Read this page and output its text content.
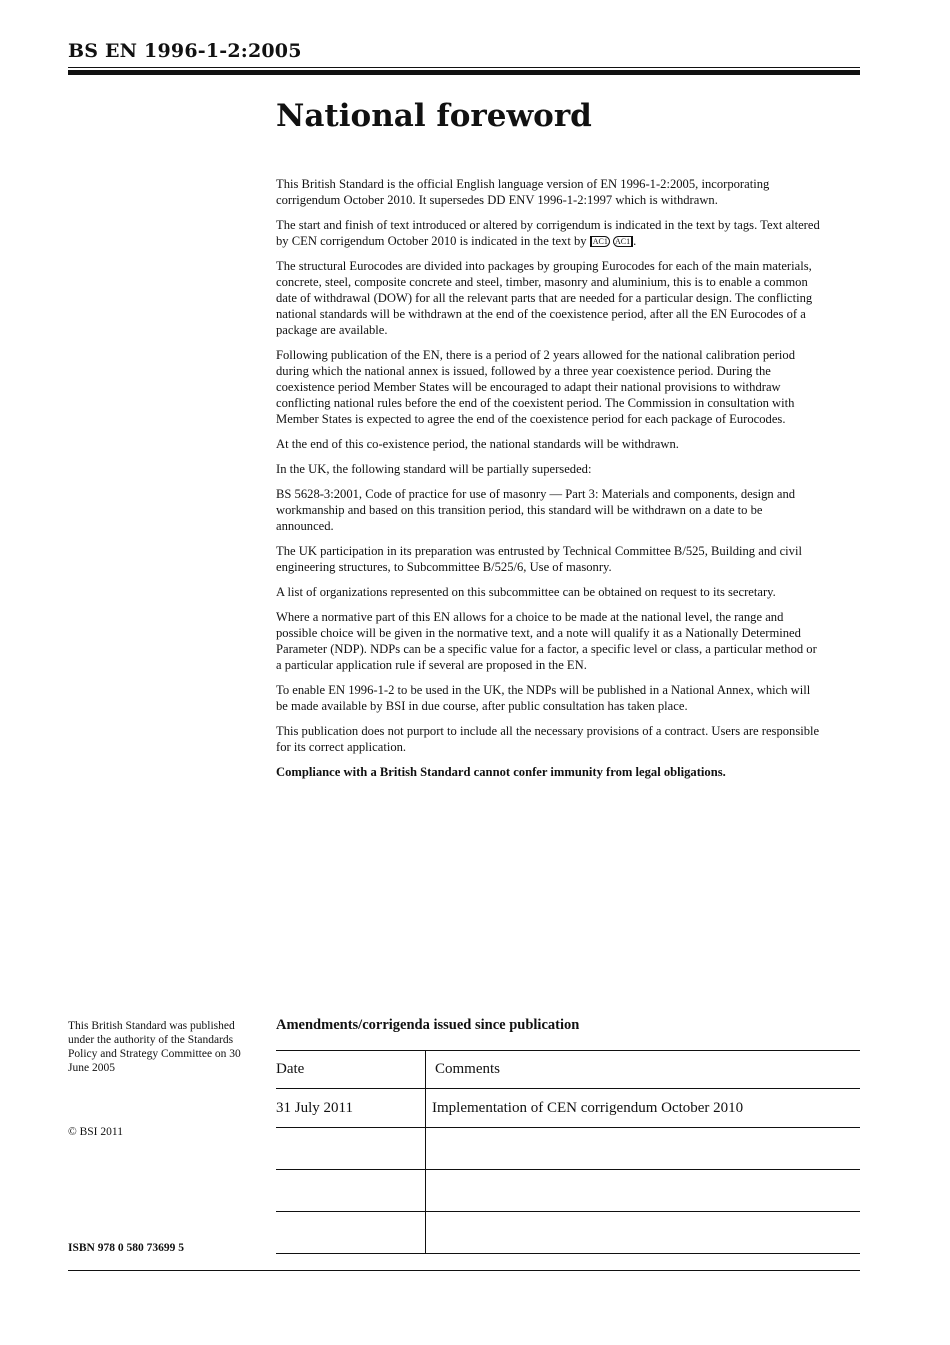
BS EN 1996-1-2:2005
National foreword

This British Standard is the official English language version of EN 1996-1-2:2005, incorporating corrigendum October 2010. It supersedes DD ENV 1996-1-2:1997 which is withdrawn.

The start and finish of text introduced or altered by corrigendum is indicated in the text by tags. Text altered by CEN corrigendum October 2010 is indicated in the text by AC1 AC1 .

The structural Eurocodes are divided into packages by grouping Eurocodes for each of the main materials, concrete, steel, composite concrete and steel, timber, masonry and aluminium, this is to enable a common date of withdrawal (DOW) for all the relevant parts that are needed for a particular design. The conflicting national standards will be withdrawn at the end of the coexistence period, after all the EN Eurocodes of a package are available.

Following publication of the EN, there is a period of 2 years allowed for the national calibration period during which the national annex is issued, followed by a three year coexistence period. During the coexistence period Member States will be encouraged to adapt their national provisions to withdraw conflicting national rules before the end of the coexistent period. The Commission in consultation with Member States is expected to agree the end of the coexistence period for each package of Eurocodes.

At the end of this co-existence period, the national standards will be withdrawn.

In the UK, the following standard will be partially superseded:

BS 5628-3:2001, Code of practice for use of masonry — Part 3: Materials and components, design and workmanship and based on this transition period, this standard will be withdrawn on a date to be announced.

The UK participation in its preparation was entrusted by Technical Committee B/525, Building and civil engineering structures, to Subcommittee B/525/6, Use of masonry.

A list of organizations represented on this subcommittee can be obtained on request to its secretary.

Where a normative part of this EN allows for a choice to be made at the national level, the range and possible choice will be given in the normative text, and a note will qualify it as a Nationally Determined Parameter (NDP). NDPs can be a specific value for a factor, a specific level or class, a particular method or a particular application rule if several are proposed in the EN.

To enable EN 1996-1-2 to be used in the UK, the NDPs will be published in a National Annex, which will be made available by BSI in due course, after public consultation has taken place.

This publication does not purport to include all the necessary provisions of a contract. Users are responsible for its correct application.

Compliance with a British Standard cannot confer immunity from legal obligations.

This British Standard was published under the authority of the Standards Policy and Strategy Committee on 30 June 2005

© BSI 2011

ISBN 978 0 580 73699 5

Amendments/corrigenda issued since publication
Date	Comments
31 July 2011	Implementation of CEN corrigendum October 2010
